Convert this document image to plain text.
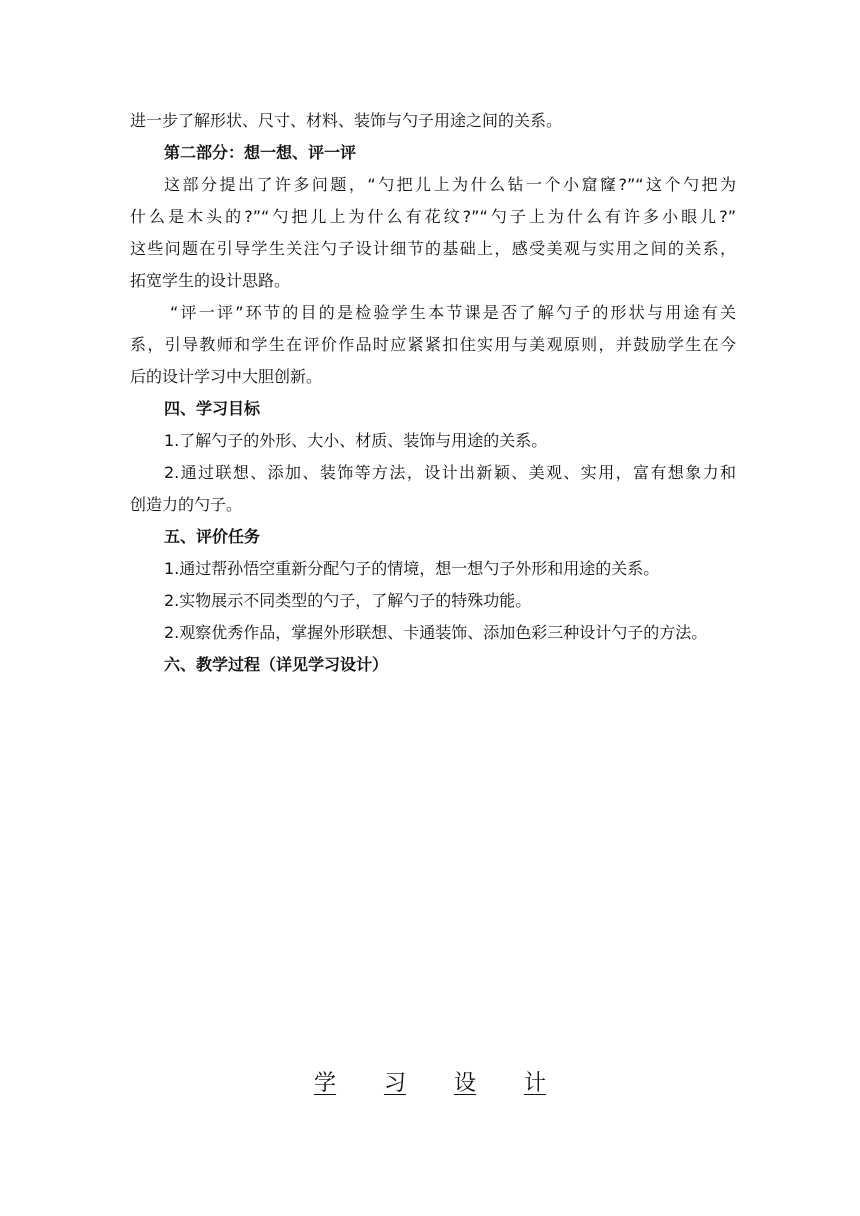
进一步了解形状、尺寸、材料、装饰与勺子用途之间的关系。
第二部分：想一想、评一评
这部分提出了许多问题，“勺把儿上为什么钻一个小窟窿?”“这个勺把为
什么是木头的?”“勺把儿上为什么有花纹?”“勺子上为什么有许多小眼儿?”
这些问题在引导学生关注勺子设计细节的基础上，感受美观与实用之间的关系，
拓宽学生的设计思路。
“评一评”环节的目的是检验学生本节课是否了解勺子的形状与用途有关
系，引导教师和学生在评价作品时应紧紧扣住实用与美观原则，并鼓励学生在今
后的设计学习中大胆创新。
四、学习目标
1.了解勺子的外形、大小、材质、装饰与用途的关系。
2.通过联想、添加、装饰等方法，设计出新颖、美观、实用，富有想象力和
创造力的勺子。
五、评价任务
1.通过帮孙悟空重新分配勺子的情境，想一想勺子外形和用途的关系。
2.实物展示不同类型的勺子，了解勺子的特殊功能。
2.观察优秀作品，掌握外形联想、卡通装饰、添加色彩三种设计勺子的方法。
六、教学过程（详见学习设计）
学 习 设 计
